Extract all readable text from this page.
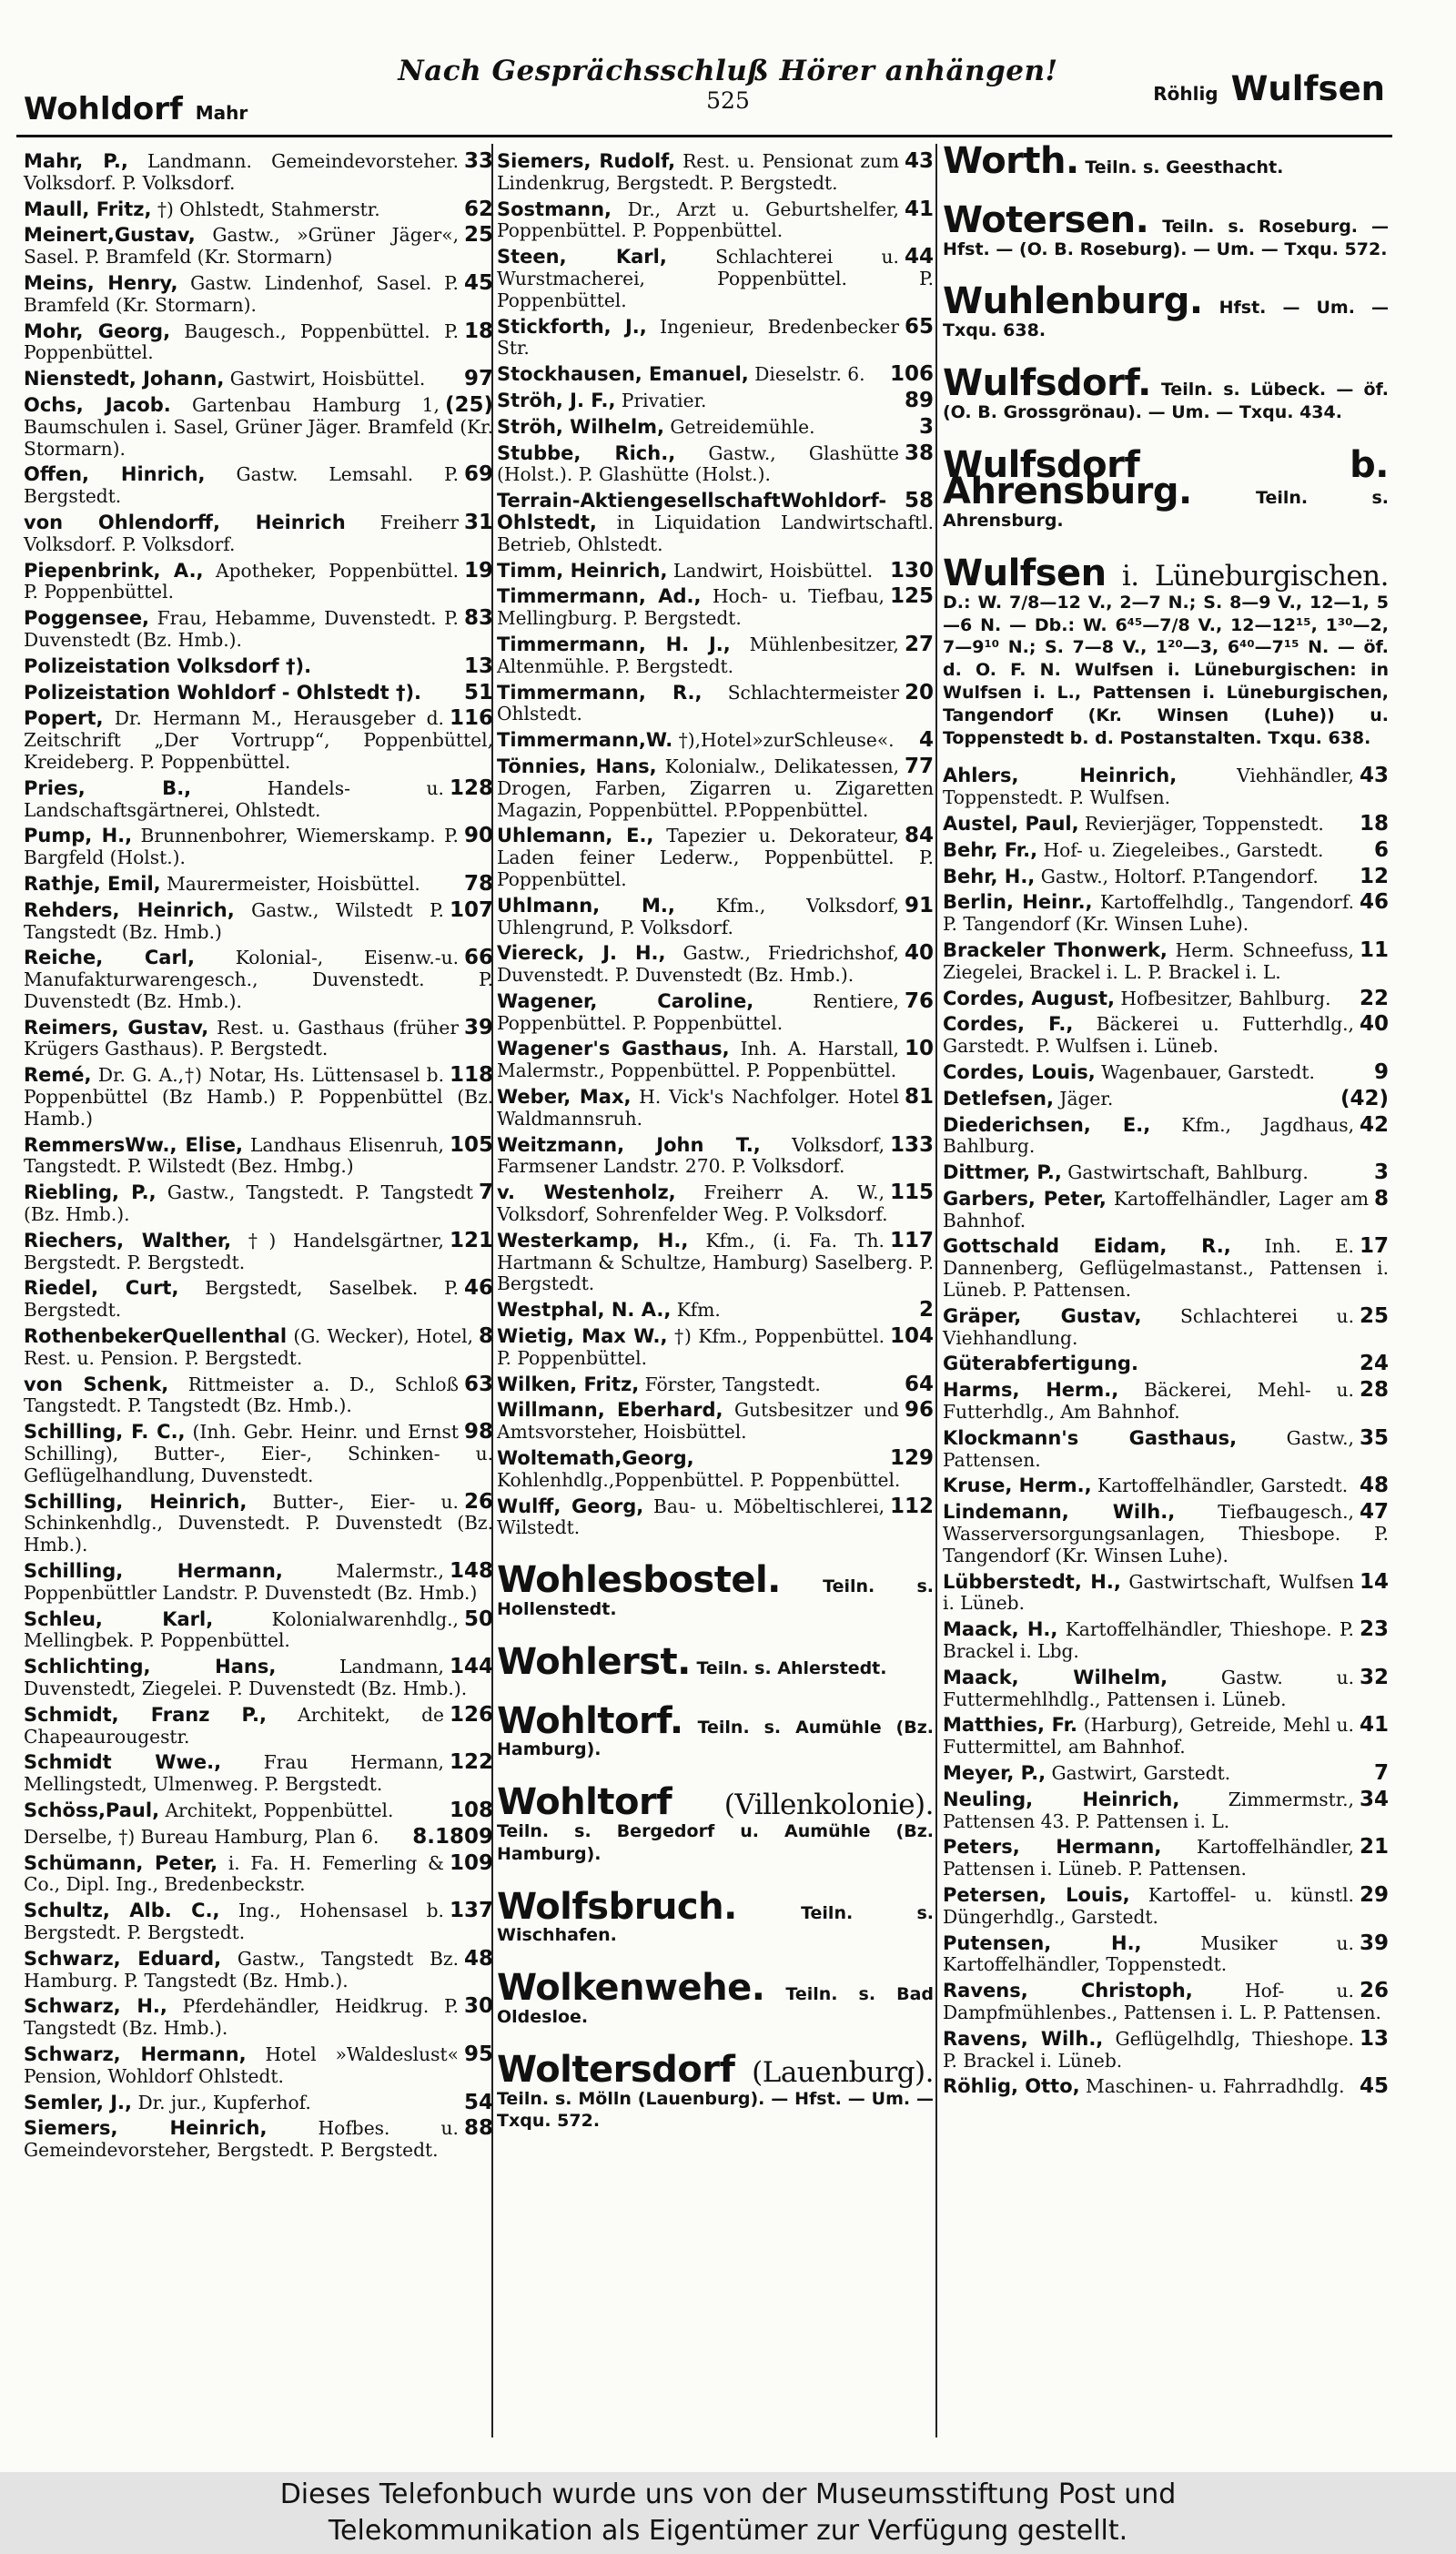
Nach Gesprächsschluß Hörer anhängen!
525
Wohldorf Mahr
Röhlig Wulfsen
33
Mahr, P., Landmann. Gemeindevorsteher. Volksdorf. P. Volksdorf.
62
Maull, Fritz, †) Ohlstedt, Stahmerstr.
25
Meinert,Gustav, Gastw., »Grüner Jäger«, Sasel. P. Bramfeld (Kr. Stormarn)
45
Meins, Henry, Gastw. Lindenhof, Sasel. P. Bramfeld (Kr. Stormarn).
18
Mohr, Georg, Baugesch., Poppenbüttel. P. Poppenbüttel.
97
Nienstedt, Johann, Gastwirt, Hoisbüttel.
(25)
Ochs, Jacob. Gartenbau Hamburg 1, Baumschulen i. Sasel, Grüner Jäger. Bramfeld (Kr. Stormarn).
69
Offen, Hinrich, Gastw. Lemsahl. P. Bergstedt.
31
von Ohlendorff, Heinrich Freiherr Volksdorf. P. Volksdorf.
19
Piepenbrink, A., Apotheker, Poppenbüttel. P. Poppenbüttel.
83
Poggensee, Frau, Hebamme, Duvenstedt. P. Duvenstedt (Bz. Hmb.).
13
Polizeistation Volksdorf †).
51
Polizeistation Wohldorf - Ohlstedt †).
116
Popert, Dr. Hermann M., Herausgeber d. Zeitschrift „Der Vortrupp“, Poppenbüttel, Kreideberg. P. Poppenbüttel.
128
Pries, B., Handels- u. Landschaftsgärtnerei, Ohlstedt.
90
Pump, H., Brunnenbohrer, Wiemerskamp. P. Bargfeld (Holst.).
78
Rathje, Emil, Maurermeister, Hoisbüttel.
107
Rehders, Heinrich, Gastw., Wilstedt P. Tangstedt (Bz. Hmb.)
66
Reiche, Carl, Kolonial-, Eisenw.-u. Manufakturwarengesch., Duvenstedt. P. Duvenstedt (Bz. Hmb.).
39
Reimers, Gustav, Rest. u. Gasthaus (früher Krügers Gasthaus). P. Bergstedt.
118
Remé, Dr. G. A.,†) Notar, Hs. Lüttensasel b. Poppenbüttel (Bz Hamb.) P. Poppenbüttel (Bz. Hamb.)
105
RemmersWw., Elise, Landhaus Elisenruh, Tangstedt. P. Wilstedt (Bez. Hmbg.)
7
Riebling, P., Gastw., Tangstedt. P. Tangstedt (Bz. Hmb.).
121
Riechers, Walther, †) Handelsgärtner, Bergstedt. P. Bergstedt.
46
Riedel, Curt, Bergstedt, Saselbek. P. Bergstedt.
8
RothenbekerQuellenthal (G. Wecker), Hotel, Rest. u. Pension. P. Bergstedt.
63
von Schenk, Rittmeister a. D., Schloß Tangstedt. P. Tangstedt (Bz. Hmb.).
98
Schilling, F. C., (Inh. Gebr. Heinr. und Ernst Schilling), Butter-, Eier-, Schinken- u. Geflügelhandlung, Duvenstedt.
26
Schilling, Heinrich, Butter-, Eier- u. Schinkenhdlg., Duvenstedt. P. Duvenstedt (Bz. Hmb.).
148
Schilling, Hermann, Malermstr., Poppenbüttler Landstr. P. Duvenstedt (Bz. Hmb.)
50
Schleu, Karl, Kolonialwarenhdlg., Mellingbek. P. Poppenbüttel.
144
Schlichting, Hans, Landmann, Duvenstedt, Ziegelei. P. Duvenstedt (Bz. Hmb.).
126
Schmidt, Franz P., Architekt, de Chapeaurougestr.
122
Schmidt Wwe., Frau Hermann, Mellingstedt, Ulmenweg. P. Bergstedt.
108
Schöss,Paul, Architekt, Poppenbüttel.
8.1809
Derselbe, †) Bureau Hamburg, Plan 6.
109
Schümann, Peter, i. Fa. H. Femerling & Co., Dipl. Ing., Bredenbeckstr.
137
Schultz, Alb. C., Ing., Hohensasel b. Bergstedt. P. Bergstedt.
48
Schwarz, Eduard, Gastw., Tangstedt Bz. Hamburg. P. Tangstedt (Bz. Hmb.).
30
Schwarz, H., Pferdehändler, Heidkrug. P. Tangstedt (Bz. Hmb.).
95
Schwarz, Hermann, Hotel »Waldeslust« Pension, Wohldorf Ohlstedt.
54
Semler, J., Dr. jur., Kupferhof.
88
Siemers, Heinrich, Hofbes. u. Gemeindevorsteher, Bergstedt. P. Bergstedt.
43
Siemers, Rudolf, Rest. u. Pensionat zum Lindenkrug, Bergstedt. P. Bergstedt.
41
Sostmann, Dr., Arzt u. Geburtshelfer, Poppenbüttel. P. Poppenbüttel.
44
Steen, Karl, Schlachterei u. Wurstmacherei, Poppenbüttel. P. Poppenbüttel.
65
Stickforth, J., Ingenieur, Bredenbecker Str.
106
Stockhausen, Emanuel, Dieselstr. 6.
89
Ströh, J. F., Privatier.
3
Ströh, Wilhelm, Getreidemühle.
38
Stubbe, Rich., Gastw., Glashütte (Holst.). P. Glashütte (Holst.).
58
Terrain-AktiengesellschaftWohldorf-Ohlstedt, in Liquidation Landwirtschaftl. Betrieb, Ohlstedt.
130
Timm, Heinrich, Landwirt, Hoisbüttel.
125
Timmermann, Ad., Hoch- u. Tiefbau, Mellingburg. P. Bergstedt.
27
Timmermann, H. J., Mühlenbesitzer, Altenmühle. P. Bergstedt.
20
Timmermann, R., Schlachtermeister Ohlstedt.
4
Timmermann,W. †),Hotel»zurSchleuse«.
77
Tönnies, Hans, Kolonialw., Delikatessen, Drogen, Farben, Zigarren u. Zigaretten Magazin, Poppenbüttel. P.Poppenbüttel.
84
Uhlemann, E., Tapezier u. Dekorateur, Laden feiner Lederw., Poppenbüttel. P. Poppenbüttel.
91
Uhlmann, M., Kfm., Volksdorf, Uhlengrund, P. Volksdorf.
40
Viereck, J. H., Gastw., Friedrichshof, Duvenstedt. P. Duvenstedt (Bz. Hmb.).
76
Wagener, Caroline, Rentiere, Poppenbüttel. P. Poppenbüttel.
10
Wagener's Gasthaus, Inh. A. Harstall, Malermstr., Poppenbüttel. P. Poppenbüttel.
81
Weber, Max, H. Vick's Nachfolger. Hotel Waldmannsruh.
133
Weitzmann, John T., Volksdorf, Farmsener Landstr. 270. P. Volksdorf.
115
v. Westenholz, Freiherr A. W., Volksdorf, Sohrenfelder Weg. P. Volksdorf.
117
Westerkamp, H., Kfm., (i. Fa. Th. Hartmann & Schultze, Hamburg) Saselberg. P. Bergstedt.
2
Westphal, N. A., Kfm.
104
Wietig, Max W., †) Kfm., Poppenbüttel. P. Poppenbüttel.
64
Wilken, Fritz, Förster, Tangstedt.
96
Willmann, Eberhard, Gutsbesitzer und Amtsvorsteher, Hoisbüttel.
129
Woltemath,Georg, Kohlenhdlg.,Poppenbüttel. P. Poppenbüttel.
112
Wulff, Georg, Bau- u. Möbeltischlerei, Wilstedt.
Wohlesbostel. Teiln. s. Hollenstedt.
Wohlerst. Teiln. s. Ahlerstedt.
Wohltorf. Teiln. s. Aumühle (Bz. Hamburg).
Wohltorf (Villenkolonie). Teiln. s. Bergedorf u. Aumühle (Bz. Hamburg).
Wolfsbruch. Teiln. s. Wischhafen.
Wolkenwehe. Teiln. s. Bad Oldesloe.
Woltersdorf (Lauenburg). Teiln. s. Mölln (Lauenburg). — Hfst. — Um. — Txqu. 572.
Worth. Teiln. s. Geesthacht.
Wotersen. Teiln. s. Roseburg. — Hfst. — (O. B. Roseburg). — Um. — Txqu. 572.
Wuhlenburg. Hfst. — Um. — Txqu. 638.
Wulfsdorf. Teiln. s. Lübeck. — öf. (O. B. Grossgrönau). — Um. — Txqu. 434.
Wulfsdorf b. Ahrensburg. Teiln. s. Ahrensburg.
Wulfsen i. Lüneburgischen. D.: W. 7/8—12 V., 2—7 N.; S. 8—9 V., 12—1, 5—6 N. — Db.: W. 6⁴⁵—7/8 V., 12—12¹⁵, 1³⁰—2, 7—9¹⁰ N.; S. 7—8 V., 1²⁰—3, 6⁴⁰—7¹⁵ N. — öf. d. O. F. N. Wulfsen i. Lüneburgischen: in Wulfsen i. L., Pattensen i. Lüneburgischen, Tangendorf (Kr. Winsen (Luhe)) u. Toppenstedt b. d. Postanstalten. Txqu. 638.
43
Ahlers, Heinrich, Viehhändler, Toppenstedt. P. Wulfsen.
18
Austel, Paul, Revierjäger, Toppenstedt.
6
Behr, Fr., Hof- u. Ziegeleibes., Garstedt.
12
Behr, H., Gastw., Holtorf. P.Tangendorf.
46
Berlin, Heinr., Kartoffelhdlg., Tangendorf. P. Tangendorf (Kr. Winsen Luhe).
11
Brackeler Thonwerk, Herm. Schneefuss, Ziegelei, Brackel i. L. P. Brackel i. L.
22
Cordes, August, Hofbesitzer, Bahlburg.
40
Cordes, F., Bäckerei u. Futterhdlg., Garstedt. P. Wulfsen i. Lüneb.
9
Cordes, Louis, Wagenbauer, Garstedt.
(42)
Detlefsen, Jäger.
42
Diederichsen, E., Kfm., Jagdhaus, Bahlburg.
3
Dittmer, P., Gastwirtschaft, Bahlburg.
8
Garbers, Peter, Kartoffelhändler, Lager am Bahnhof.
17
Gottschald Eidam, R., Inh. E. Dannenberg, Geflügelmastanst., Pattensen i. Lüneb. P. Pattensen.
25
Gräper, Gustav, Schlachterei u. Viehhandlung.
24
Güterabfertigung.
28
Harms, Herm., Bäckerei, Mehl- u. Futterhdlg., Am Bahnhof.
35
Klockmann's Gasthaus, Gastw., Pattensen.
48
Kruse, Herm., Kartoffelhändler, Garstedt.
47
Lindemann, Wilh., Tiefbaugesch., Wasserversorgungsanlagen, Thiesbope. P. Tangendorf (Kr. Winsen Luhe).
14
Lübberstedt, H., Gastwirtschaft, Wulfsen i. Lüneb.
23
Maack, H., Kartoffelhändler, Thieshope. P. Brackel i. Lbg.
32
Maack, Wilhelm, Gastw. u. Futtermehlhdlg., Pattensen i. Lüneb.
41
Matthies, Fr. (Harburg), Getreide, Mehl u. Futtermittel, am Bahnhof.
7
Meyer, P., Gastwirt, Garstedt.
34
Neuling, Heinrich, Zimmermstr., Pattensen 43. P. Pattensen i. L.
21
Peters, Hermann, Kartoffelhändler, Pattensen i. Lüneb. P. Pattensen.
29
Petersen, Louis, Kartoffel- u. künstl. Düngerhdlg., Garstedt.
39
Putensen, H., Musiker u. Kartoffelhändler, Toppenstedt.
26
Ravens, Christoph, Hof- u. Dampfmühlenbes., Pattensen i. L. P. Pattensen.
13
Ravens, Wilh., Geflügelhdlg, Thieshope. P. Brackel i. Lüneb.
45
Röhlig, Otto, Maschinen- u. Fahrradhdlg.
Dieses Telefonbuch wurde uns von der Museumsstiftung Post und
Telekommunikation als Eigentümer zur Verfügung gestellt.
